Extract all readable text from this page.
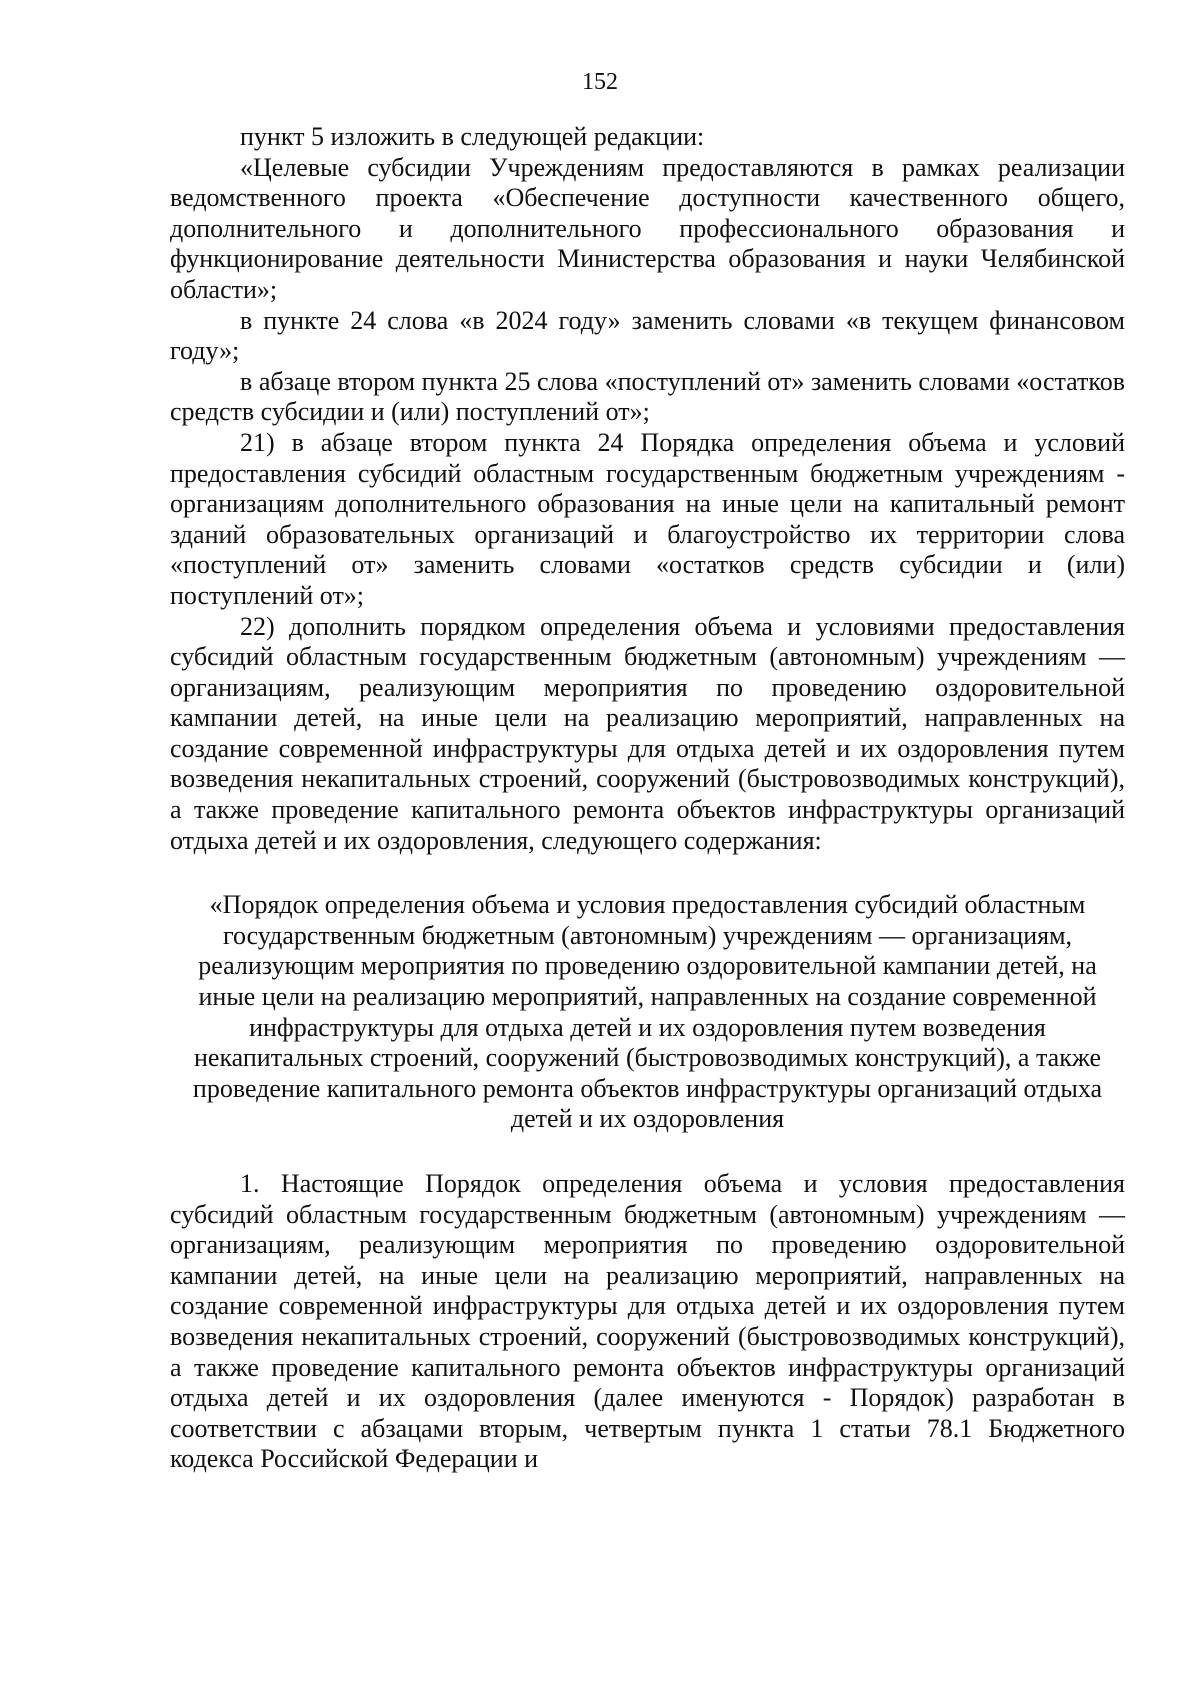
152

пункт 5 изложить в следующей редакции:

«Целевые субсидии Учреждениям предоставляются в рамках реализации ведомственного проекта «Обеспечение доступности качественного общего, дополнительного и дополнительного профессионального образования и функционирование деятельности Министерства образования и науки Челябинской области»;

в пункте 24 слова «в 2024 году» заменить словами «в текущем финансовом году»;

в абзаце втором пункта 25 слова «поступлений от» заменить словами «остатков средств субсидии и (или) поступлений от»;

21) в абзаце втором пункта 24 Порядка определения объема и условий предоставления субсидий областным государственным бюджетным учреждениям - организациям дополнительного образования на иные цели на капитальный ремонт зданий образовательных организаций и благоустройство их территории слова «поступлений от» заменить словами «остатков средств субсидии и (или) поступлений от»;

22) дополнить порядком определения объема и условиями предоставления субсидий областным государственным бюджетным (автономным) учреждениям — организациям, реализующим мероприятия по проведению оздоровительной кампании детей, на иные цели на реализацию мероприятий, направленных на создание современной инфраструктуры для отдыха детей и их оздоровления путем возведения некапитальных строений, сооружений (быстровозводимых конструкций), а также проведение капитального ремонта объектов инфраструктуры организаций отдыха детей и их оздоровления, следующего содержания:

«Порядок определения объема и условия предоставления субсидий областным государственным бюджетным (автономным) учреждениям — организациям, реализующим мероприятия по проведению оздоровительной кампании детей, на иные цели на реализацию мероприятий, направленных на создание современной инфраструктуры для отдыха детей и их оздоровления путем возведения некапитальных строений, сооружений (быстровозводимых конструкций), а также проведение капитального ремонта объектов инфраструктуры организаций отдыха детей и их оздоровления

1. Настоящие Порядок определения объема и условия предоставления субсидий областным государственным бюджетным (автономным) учреждениям — организациям, реализующим мероприятия по проведению оздоровительной кампании детей, на иные цели на реализацию мероприятий, направленных на создание современной инфраструктуры для отдыха детей и их оздоровления путем возведения некапитальных строений, сооружений (быстровозводимых конструкций), а также проведение капитального ремонта объектов инфраструктуры организаций отдыха детей и их оздоровления (далее именуются - Порядок) разработан в соответствии с абзацами вторым, четвертым пункта 1 статьи 78.1 Бюджетного кодекса Российской Федерации и
